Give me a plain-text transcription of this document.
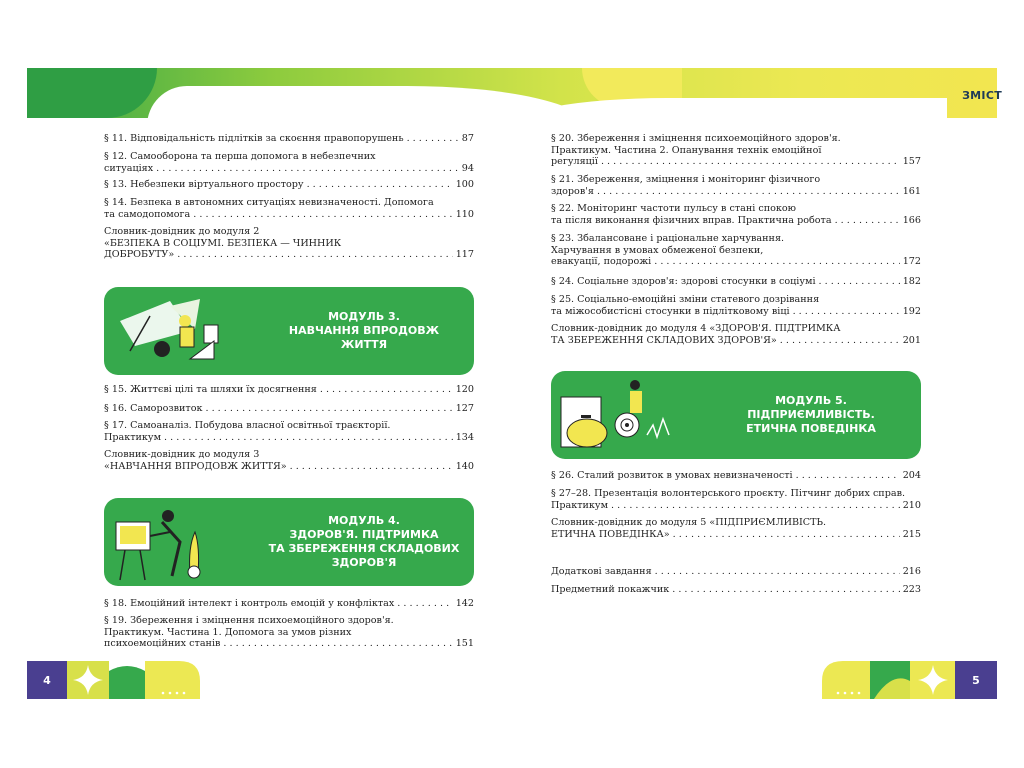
ЗМІСТ
§ 11. Відповідальність підлітків за скоєння правопорушень . . .	87
§ 12. Самооборона та перша допомога в небезпечних
ситуаціях . . .	94
§ 13. Небезпеки віртуального простору . . .	100
§ 14. Безпека в автономних ситуаціях невизначеності. Допомога
та самодопомога . . .	110
Словник-довідник до модуля 2
«БЕЗПЕКА В СОЦІУМІ. БЕЗПЕКА — ЧИННИК
ДОБРОБУТУ» . . .	117
МОДУЛЬ 3.
НАВЧАННЯ ВПРОДОВЖ
ЖИТТЯ
§ 15. Життєві цілі та шляхи їх досягнення . . .	120
§ 16. Саморозвиток . . .	127
§ 17. Самоаналіз. Побудова власної освітньої траєкторії.
Практикум . . .	134
Словник-довідник до модуля 3
«НАВЧАННЯ ВПРОДОВЖ ЖИТТЯ» . . .	140
МОДУЛЬ 4.
ЗДОРОВ'Я. ПІДТРИМКА
ТА ЗБЕРЕЖЕННЯ СКЛАДОВИХ
ЗДОРОВ'Я
§ 18. Емоційний інтелект і контроль емоцій у конфліктах . . .	142
§ 19. Збереження і зміцнення психоемоційного здоров'я.
Практикум. Частина 1. Допомога за умов різних
психоемоційних станів . . .	151
§ 20. Збереження і зміцнення психоемоційного здоров'я.
Практикум. Частина 2. Опанування технік емоційної
регуляції . . .	157
§ 21. Збереження, зміцнення і моніторинг фізичного
здоров'я . . .	161
§ 22. Моніторинг частоти пульсу в стані спокою
та після виконання фізичних вправ. Практична робота . . .	166
§ 23. Збалансоване і раціональне харчування.
Харчування в умовах обмеженої безпеки,
евакуації, подорожі . . .	172
§ 24. Соціальне здоров'я: здорові стосунки в соціумі . . .	182
§ 25. Соціально-емоційні зміни статевого дозрівання
та міжособистісні стосунки в підлітковому віці . . .	192
Словник-довідник до модуля 4 «ЗДОРОВ'Я. ПІДТРИМКА
ТА ЗБЕРЕЖЕННЯ СКЛАДОВИХ ЗДОРОВ'Я» . . .	201
МОДУЛЬ 5.
ПІДПРИЄМЛИВІСТЬ.
ЕТИЧНА ПОВЕДІНКА
§ 26. Сталий розвиток в умовах невизначеності . . .	204
§ 27–28. Презентація волонтерського проєкту. Пітчинг добрих справ.
Практикум . . .	210
Словник-довідник до модуля 5 «ПІДПРИЄМЛИВІСТЬ.
ЕТИЧНА ПОВЕДІНКА» . . .	215
Додаткові завдання . . .	216
Предметний покажчик . . .	223
4	5
